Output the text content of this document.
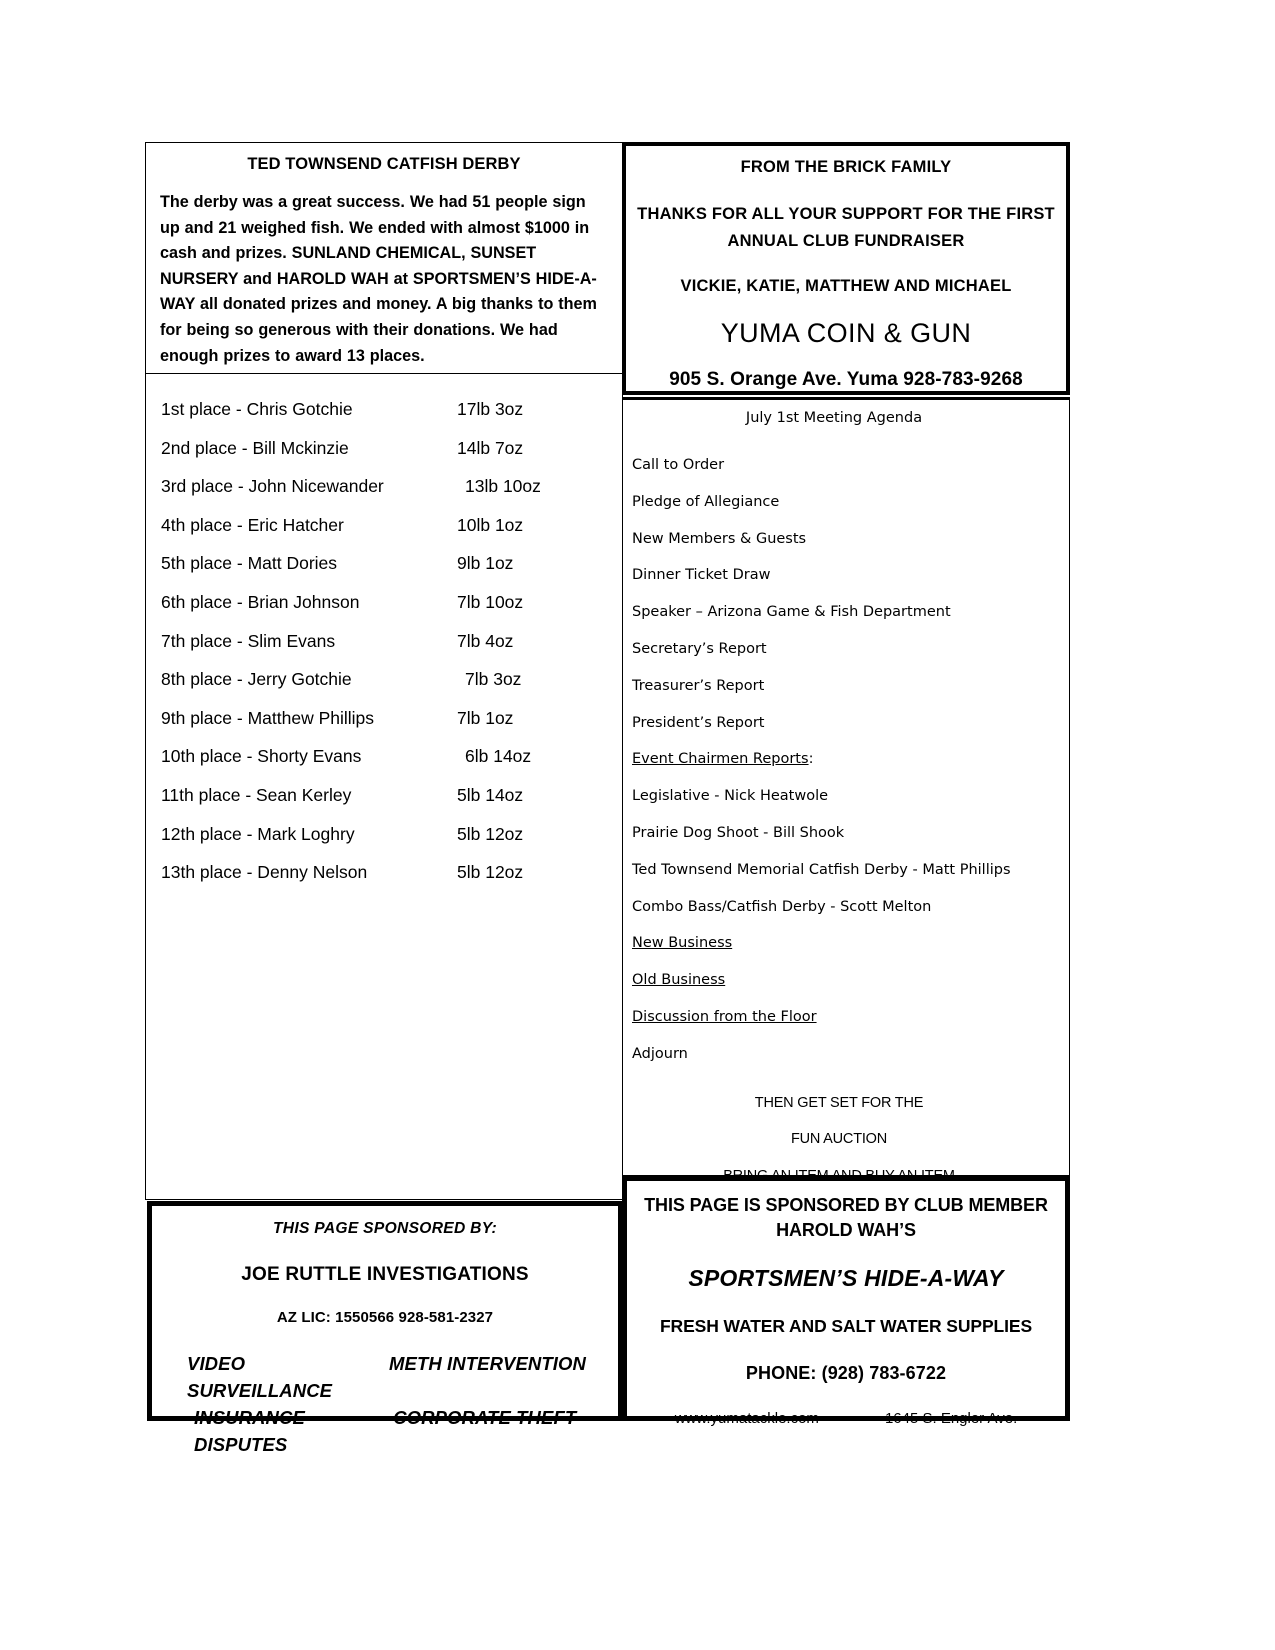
TED TOWNSEND CATFISH DERBY
The derby was a great success. We had 51 people sign up and 21 weighed fish. We ended with almost $1000 in cash and prizes. SUNLAND CHEMICAL, SUNSET NURSERY and HAROLD WAH at SPORTSMEN’S HIDE-A-WAY all donated prizes and money. A big thanks to them for being so generous with their donations. We had enough prizes to award 13 places.
1st place - Chris Gotchie	17lb 3oz
2nd place - Bill Mckinzie	14lb 7oz
3rd place - John Nicewander	13lb 10oz
4th place - Eric Hatcher	10lb 1oz
5th place - Matt Dories	9lb 1oz
6th place - Brian Johnson	7lb 10oz
7th place - Slim Evans	7lb 4oz
8th place - Jerry Gotchie	7lb 3oz
9th place - Matthew Phillips	7lb 1oz
10th place - Shorty Evans	6lb 14oz
11th place - Sean Kerley	5lb 14oz
12th place - Mark Loghry	5lb 12oz
13th place - Denny Nelson	5lb 12oz
THIS PAGE SPONSORED BY:
JOE RUTTLE INVESTIGATIONS
AZ LIC: 1550566 928-581-2327
VIDEO SURVEILLANCE
METH INTERVENTION
INSURANCE DISPUTES
CORPORATE THEFT
FROM THE BRICK FAMILY
THANKS FOR ALL YOUR SUPPORT FOR THE FIRST ANNUAL CLUB FUNDRAISER
VICKIE, KATIE, MATTHEW AND MICHAEL
YUMA COIN & GUN
905 S. Orange Ave. Yuma 928-783-9268
July 1st Meeting Agenda
Call to Order
Pledge of Allegiance
New Members & Guests
Dinner Ticket Draw
Speaker – Arizona Game & Fish Department
Secretary’s Report
Treasurer’s Report
President’s Report
Event Chairmen Reports:
Legislative - Nick Heatwole
Prairie Dog Shoot - Bill Shook
Ted Townsend Memorial Catfish Derby - Matt Phillips
Combo Bass/Catfish Derby - Scott Melton
New Business
Old Business
Discussion from the Floor
Adjourn
THEN GET SET FOR THE
FUN AUCTION
BRING AN ITEM AND BUY AN ITEM
THIS PAGE IS SPONSORED BY CLUB MEMBER HAROLD WAH’S
SPORTSMEN’S HIDE-A-WAY
FRESH WATER AND SALT WATER SUPPLIES
PHONE: (928) 783-6722
www.yumatackle.com	1645 S. Engler Ave.
